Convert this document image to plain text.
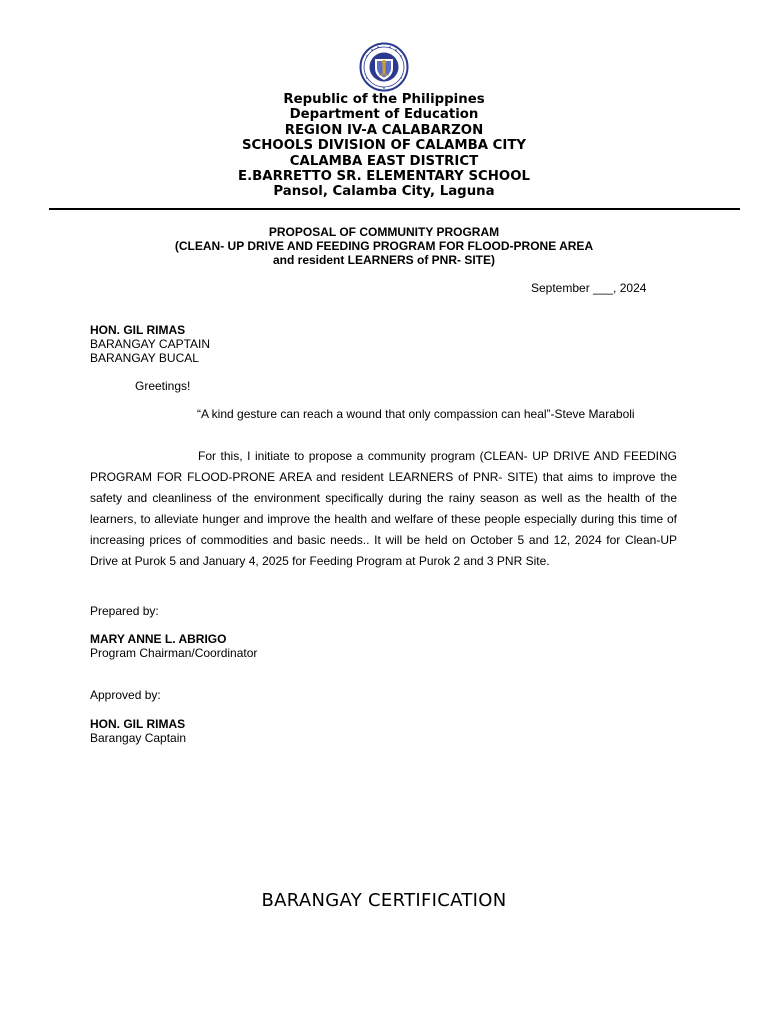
Republic of the Philippines
Department of Education
REGION IV-A CALABARZON
SCHOOLS DIVISION OF CALAMBA CITY
CALAMBA EAST DISTRICT
E.BARRETTO SR. ELEMENTARY SCHOOL
Pansol, Calamba City, Laguna
PROPOSAL OF COMMUNITY PROGRAM
(CLEAN- UP DRIVE AND FEEDING PROGRAM FOR FLOOD-PRONE AREA
and resident LEARNERS of PNR- SITE)
September ___, 2024
HON. GIL RIMAS
BARANGAY CAPTAIN
BARANGAY BUCAL
Greetings!
“A kind gesture can reach a wound that only compassion can heal”-Steve Maraboli
For this, I initiate to propose a community program (CLEAN- UP DRIVE AND FEEDING PROGRAM FOR FLOOD-PRONE AREA and resident LEARNERS of PNR- SITE) that aims to improve the safety and cleanliness of the environment specifically during the rainy season as well as the health of the learners, to alleviate hunger and improve the health and welfare of these people especially during this time of increasing prices of commodities and basic needs.. It will be held on October 5 and 12, 2024 for Clean-UP Drive at Purok 5 and January 4, 2025 for Feeding Program at Purok 2 and 3 PNR Site.
Prepared by:
MARY ANNE L. ABRIGO
Program Chairman/Coordinator
Approved by:
HON. GIL RIMAS
Barangay Captain
BARANGAY CERTIFICATION
